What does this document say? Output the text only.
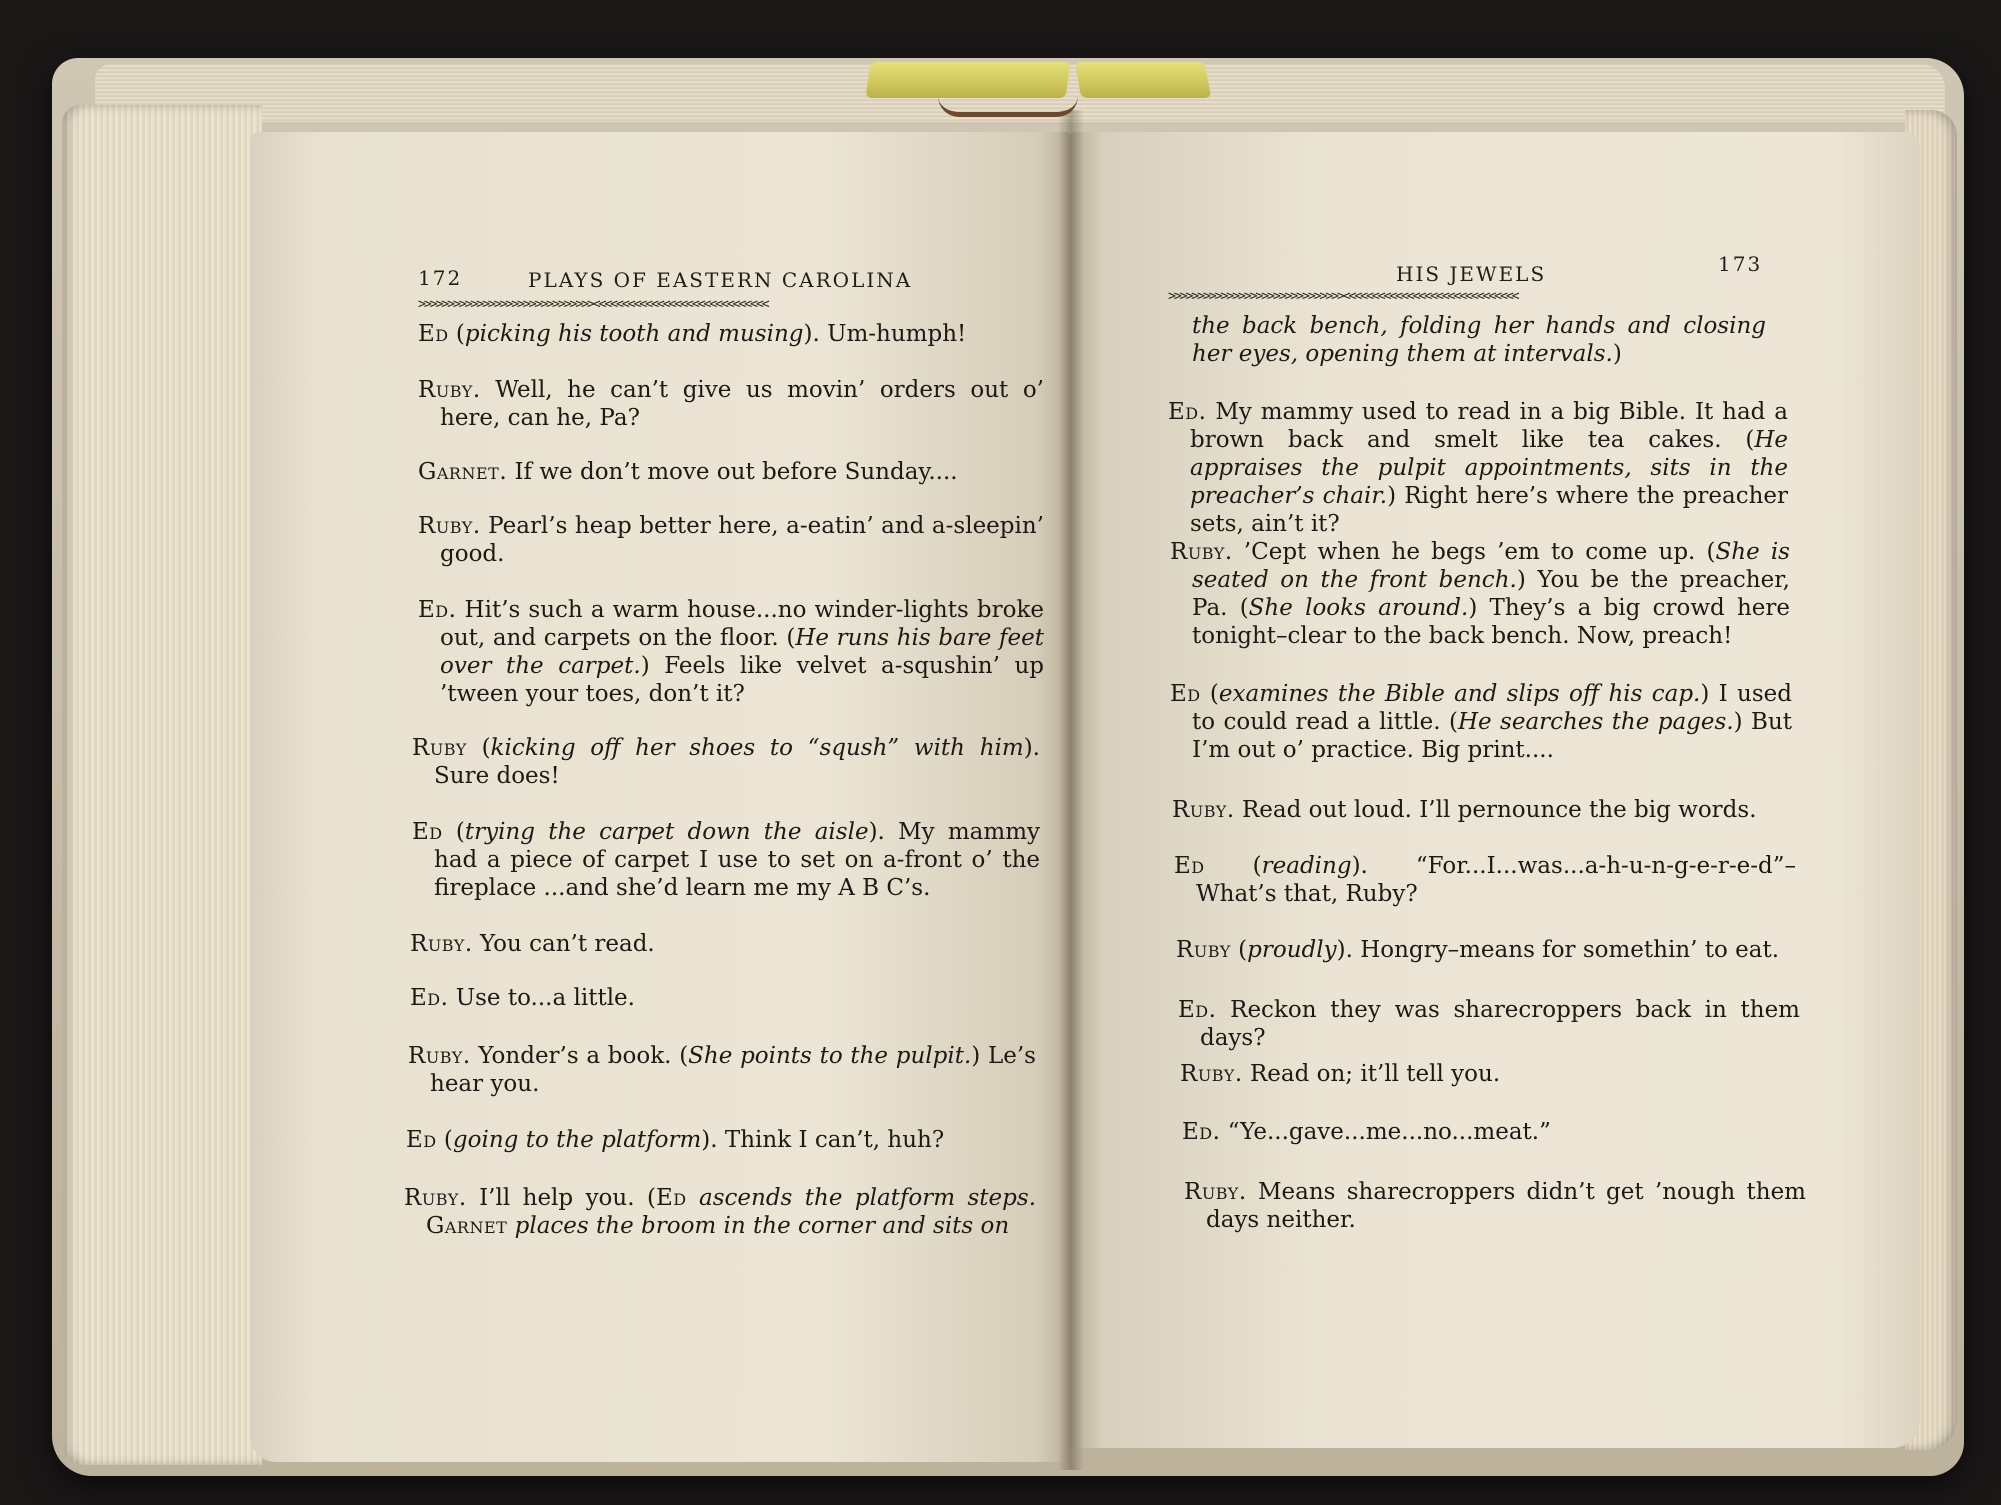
172	PLAYS OF EASTERN CAROLINA
>>>>>>>>>>>>>>>>>>>>>>>>>>>>>><<<<<<<<<<<<<<<<<<<<<<<<<<<<<<
Ed (picking his tooth and musing). Um-humph!
Ruby. Well, he can’t give us movin’ orders out o’ here, can he, Pa?
Garnet. If we don’t move out before Sunday....
Ruby. Pearl’s heap better here, a-eatin’ and a-sleepin’ good.
Ed. Hit’s such a warm house...no winder-lights broke out, and carpets on the floor. (He runs his bare feet over the carpet.) Feels like velvet a-squshin’ up ’tween your toes, don’t it?
Ruby (kicking off her shoes to “sqush” with him). Sure does!
Ed (trying the carpet down the aisle). My mammy had a piece of carpet I use to set on a-front o’ the fireplace ...and she’d learn me my A B C’s.
Ruby. You can’t read.
Ed. Use to...a little.
Ruby. Yonder’s a book. (She points to the pulpit.) Le’s hear you.
Ed (going to the platform). Think I can’t, huh?
Ruby. I’ll help you. (Ed ascends the platform steps. Garnet places the broom in the corner and sits on
HIS JEWELS	173
>>>>>>>>>>>>>>>>>>>>>>>>>>>>>><<<<<<<<<<<<<<<<<<<<<<<<<<<<<<
the back bench, folding her hands and closing her eyes, opening them at intervals.)
Ed. My mammy used to read in a big Bible. It had a brown back and smelt like tea cakes. (He appraises the pulpit appointments, sits in the preacher’s chair.) Right here’s where the preacher sets, ain’t it?
Ruby. ’Cept when he begs ’em to come up. (She is seated on the front bench.) You be the preacher, Pa. (She looks around.) They’s a big crowd here tonight–clear to the back bench. Now, preach!
Ed (examines the Bible and slips off his cap.) I used to could read a little. (He searches the pages.) But I’m out o’ practice. Big print....
Ruby. Read out loud. I’ll pernounce the big words.
Ed (reading). “For...I...was...a-h-u-n-g-e-r-e-d”– What’s that, Ruby?
Ruby (proudly). Hongry–means for somethin’ to eat.
Ed. Reckon they was sharecroppers back in them days?
Ruby. Read on; it’ll tell you.
Ed. “Ye...gave...me...no...meat.”
Ruby. Means sharecroppers didn’t get ’nough them days neither.
